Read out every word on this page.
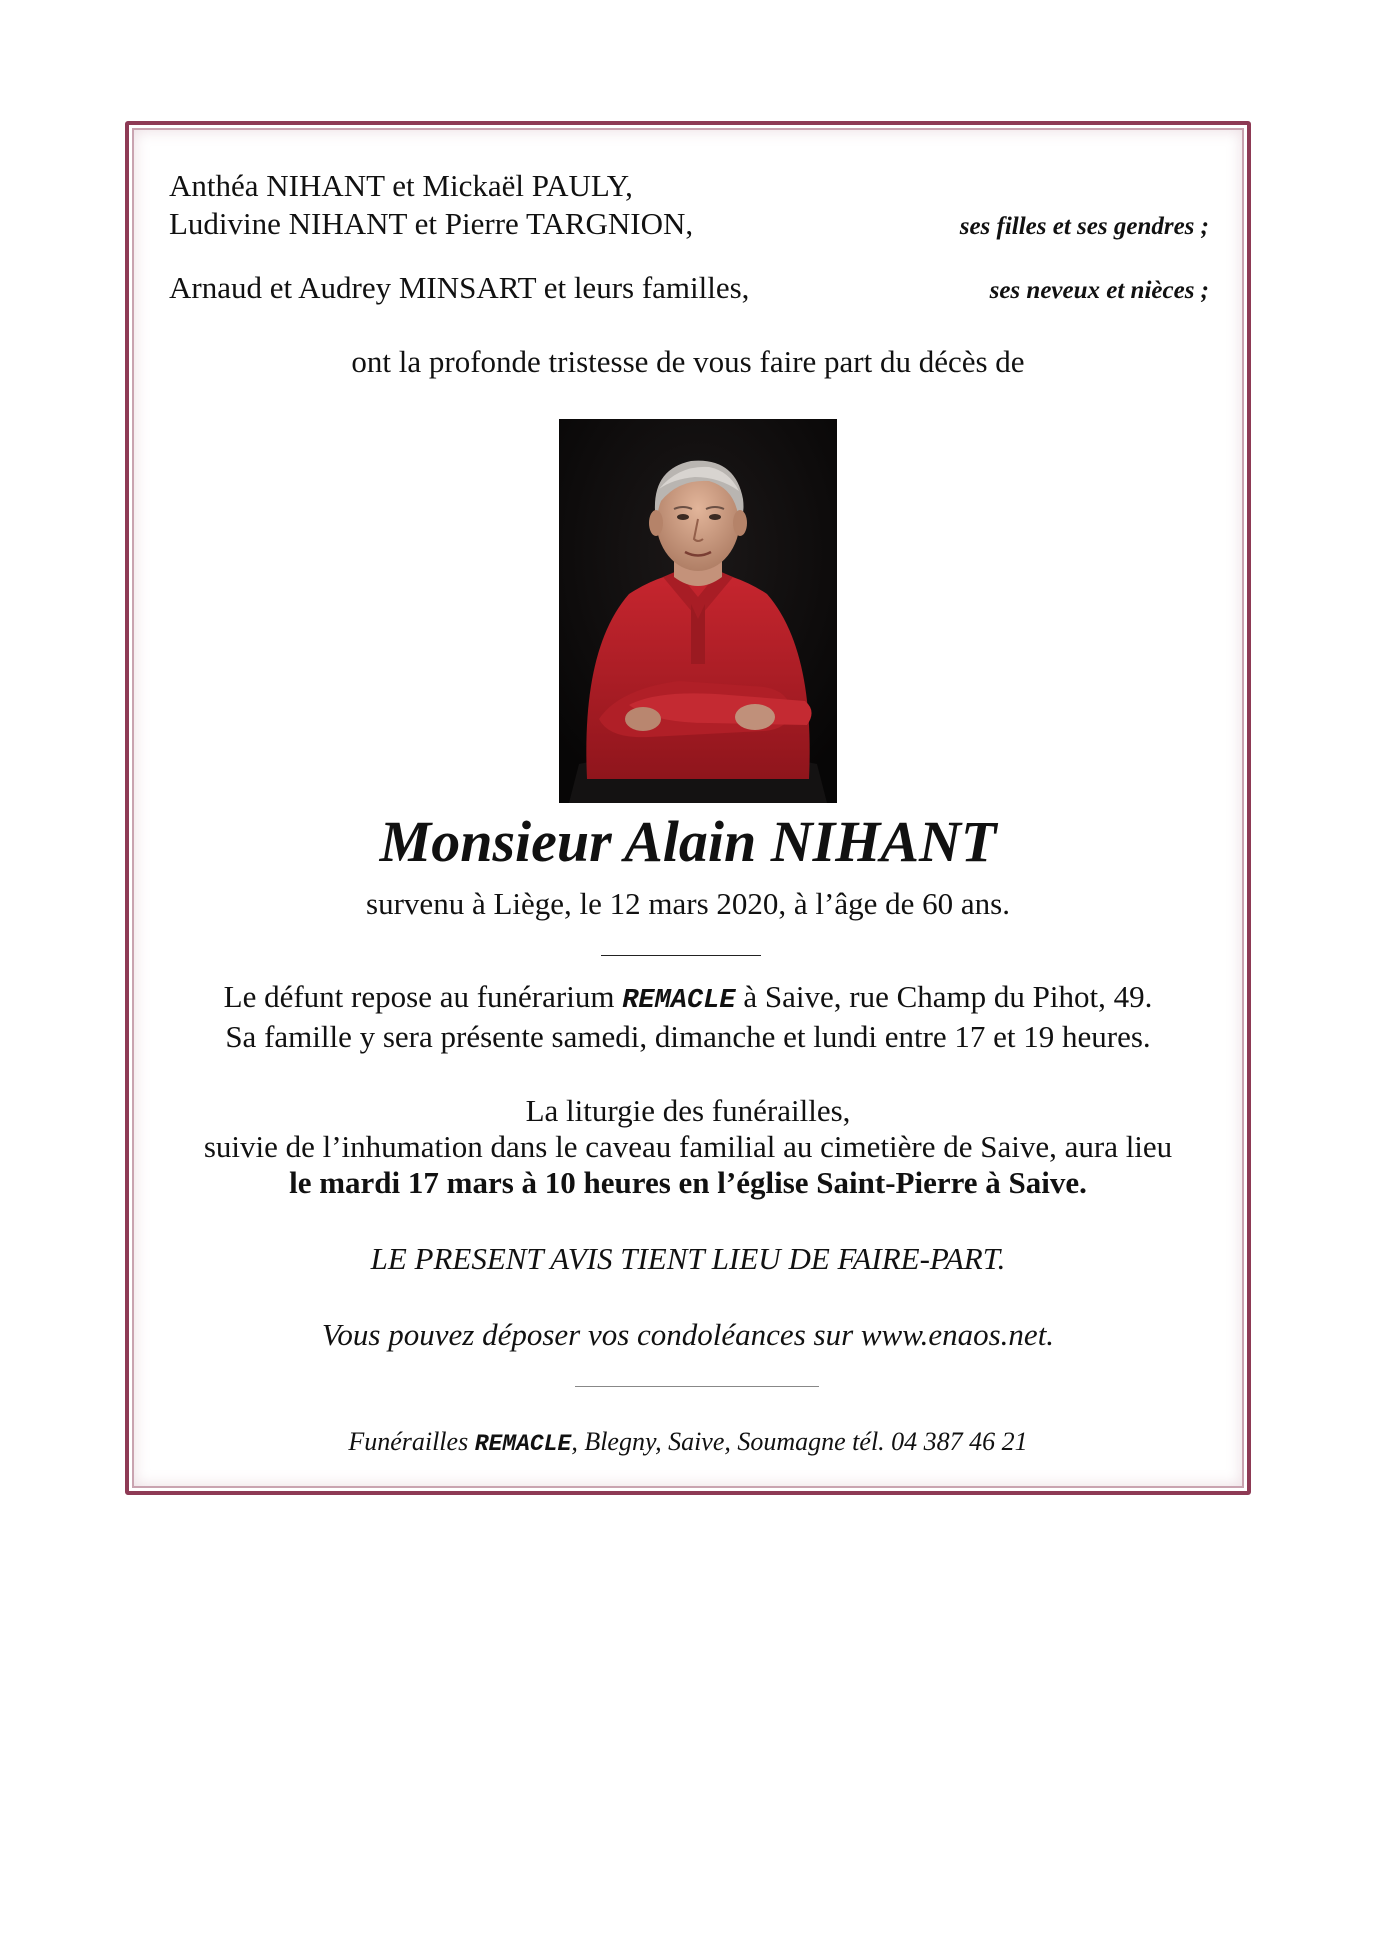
Anthéa NIHANT et Mickaël PAULY,
Ludivine NIHANT et Pierre TARGNION,	ses filles et ses gendres ;
Arnaud et Audrey MINSART et leurs familles,	ses neveux et nièces ;
ont la profonde tristesse de vous faire part du décès de
Monsieur Alain NIHANT
survenu à Liège, le 12 mars 2020, à l’âge de 60 ans.
Le défunt repose au funérarium REMACLE à Saive, rue Champ du Pihot, 49.
Sa famille y sera présente samedi, dimanche et lundi entre 17 et 19 heures.
La liturgie des funérailles,
suivie de l’inhumation dans le caveau familial au cimetière de Saive, aura lieu
le mardi 17 mars à 10 heures en l’église Saint-Pierre à Saive.
LE PRESENT AVIS TIENT LIEU DE FAIRE-PART.
Vous pouvez déposer vos condoléances sur www.enaos.net.
Funérailles REMACLE, Blegny, Saive, Soumagne tél. 04 387 46 21
